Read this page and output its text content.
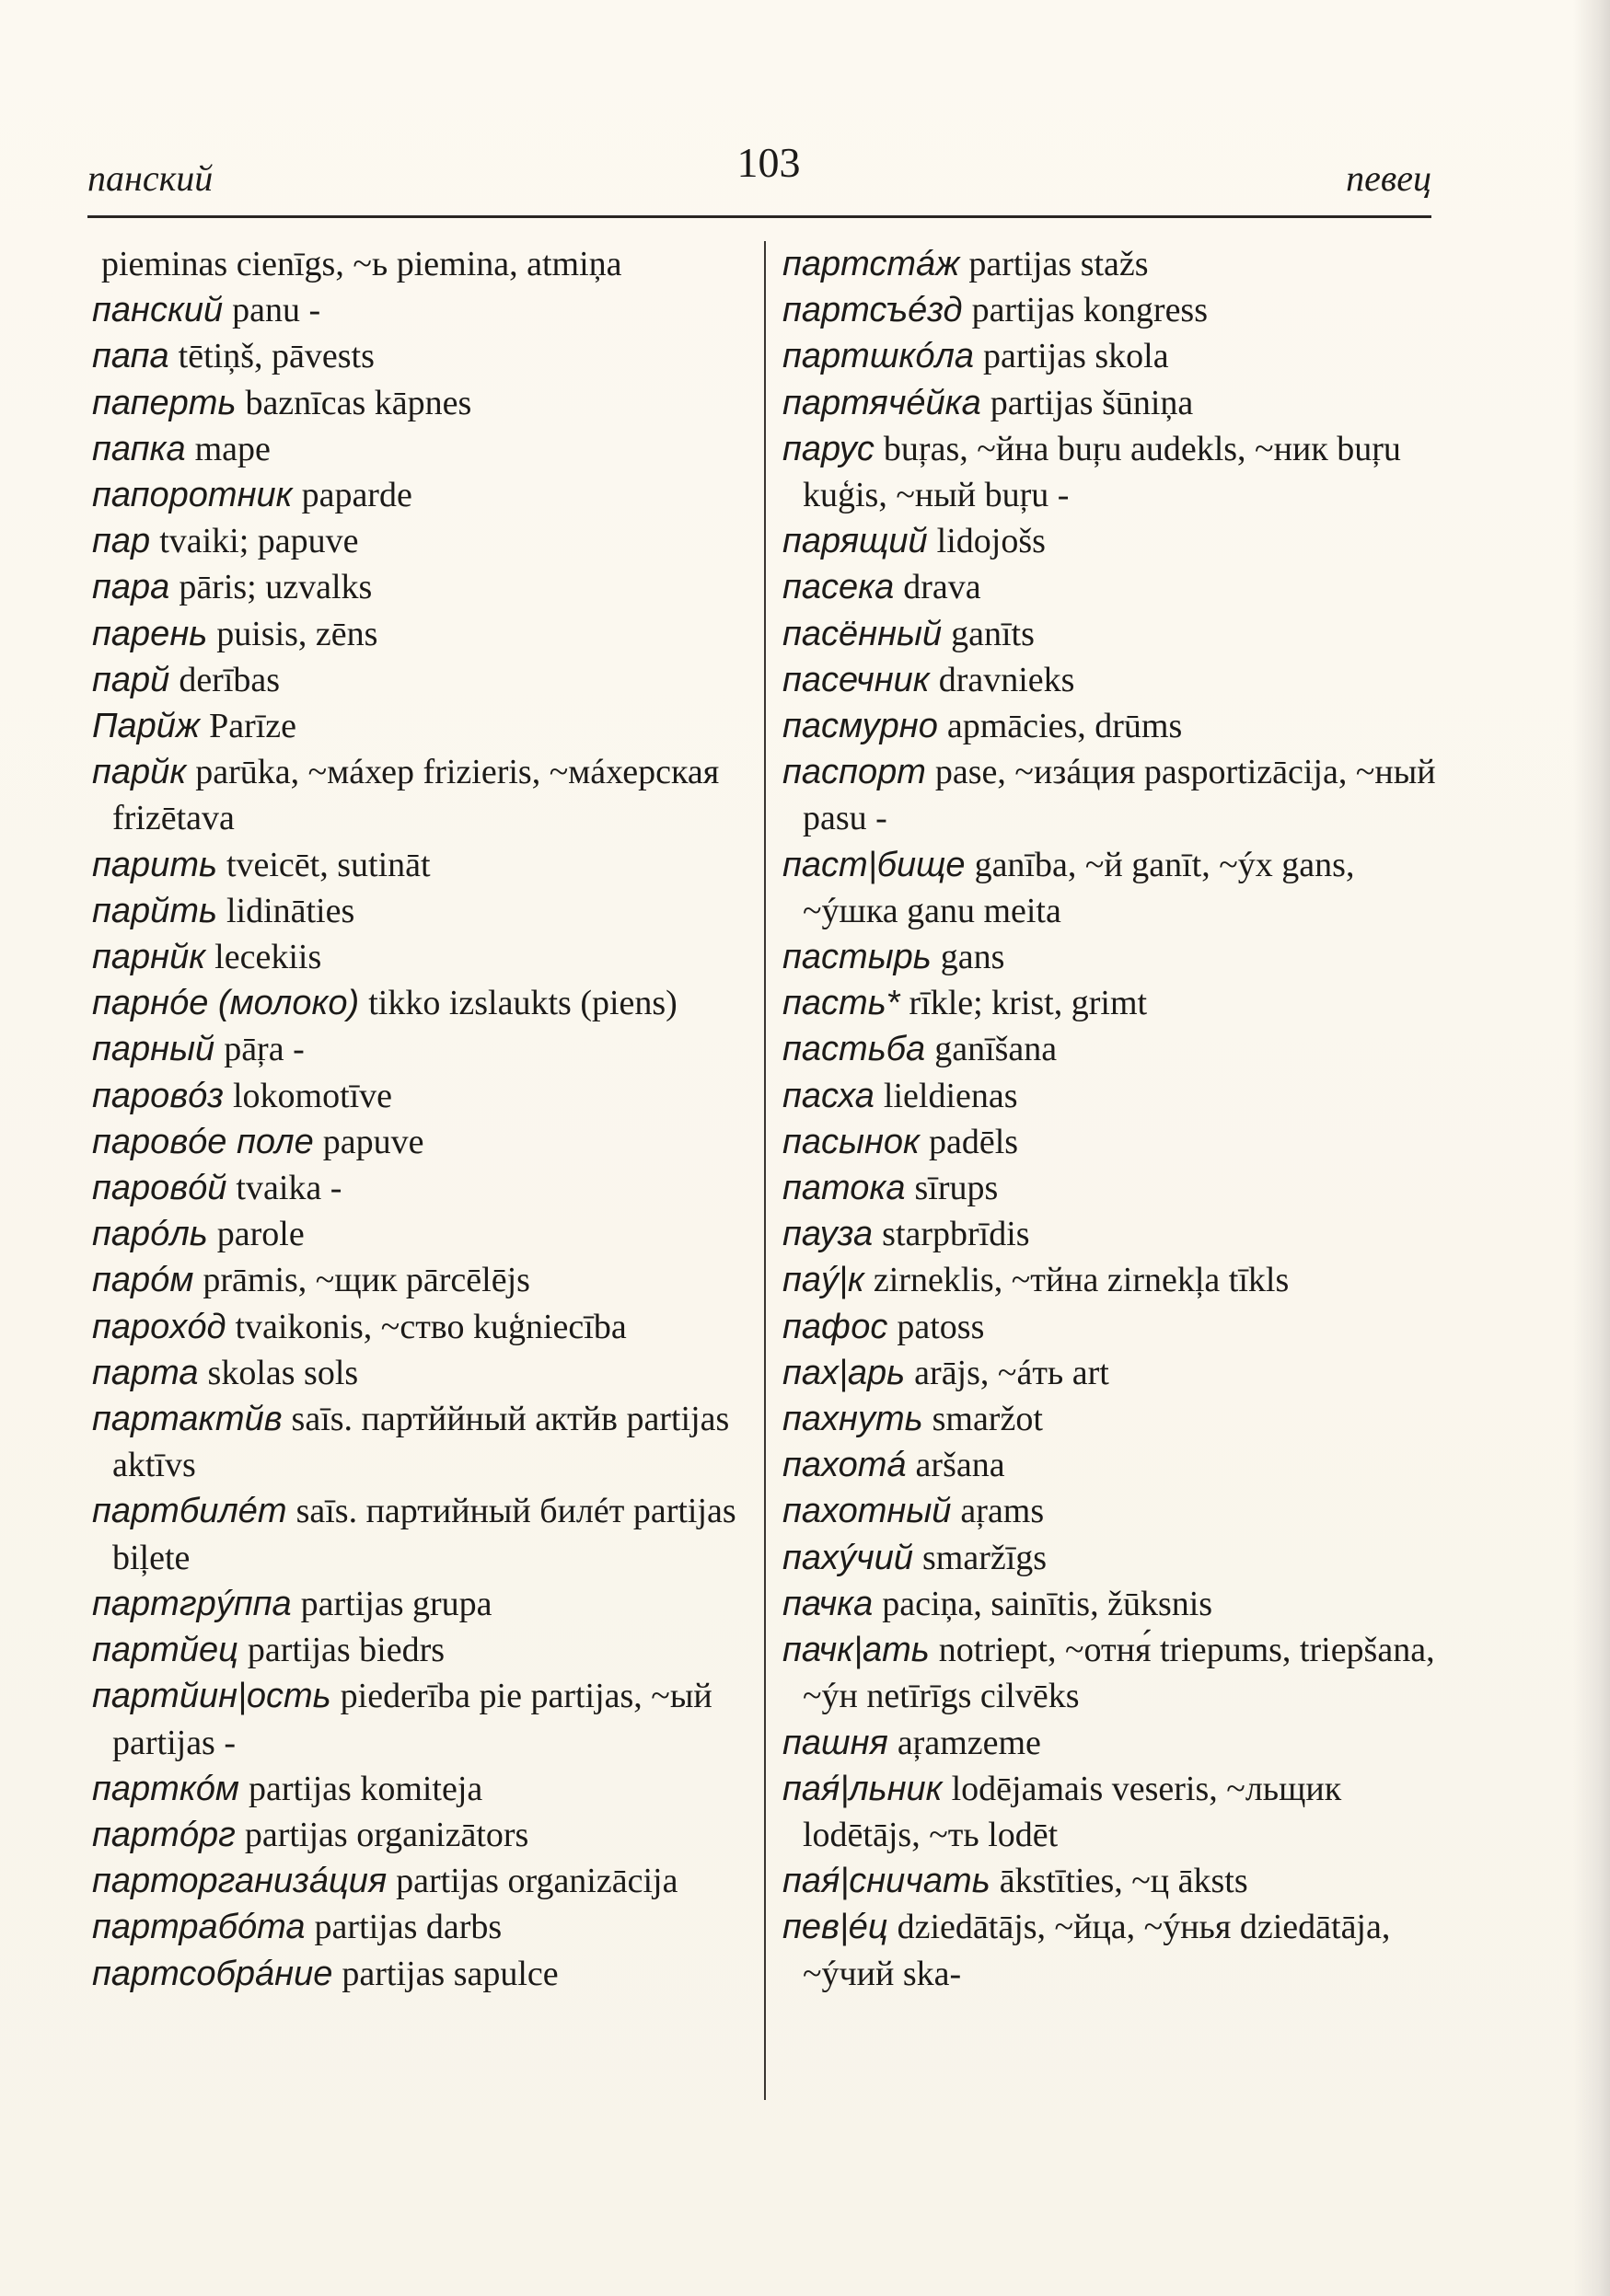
панский	103	певец

pieminas cienīgs, ~ь piemina, atmiņa

панский panu -

папа tētiņš, pāvests

паперть baznīcas kāpnes

папка mape

папоротник paparde

пар tvaiki; papuve

пара pāris; uzvalks

парень puisis, zēns

парй derības

Парйж Parīze

парйк parūka, ~мáхер frizieris, ~мáхерская frizētava

парить tveicēt, sutināt

парйть lidināties

парнйк lecekiis

парнóе (молоко) tikko izslaukts (piens)

парный pāŗa -

паровóз lokomotīve

паровóе поле papuve

паровóй tvaika -

парóль parole

парóм prāmis, ~щик pārcēlējs

пароxóд tvaikonis, ~ство kuģniecība

парта skolas sols

партактйв saīs. партййный актйв partijas aktīvs

партбилéт saīs. партийный билéт partijas biļete

партгрýппа partijas grupa

партйец partijas biedrs

партйин|ость piederība pie partijas, ~ый partijas -

парткóм partijas komiteja

партóрг partijas organizātors

парторганизáция partijas organizācija

партрабóта partijas darbs

партсобрáние partijas sapulce

партстáж partijas stažs

партсъéзд partijas kongress

партшкóла partijas skola

партячéйка partijas šūniņa

парус buŗas, ~йна buŗu audekls, ~ник buŗu kuģis, ~ный buŗu -

парящий lidojošs

пасека drava

пасённый ganīts

пасечник dravnieks

пасмурно apmācies, drūms

паспорт pase, ~изáция pasportizācija, ~ный pasu -

паст|бище ganība, ~й ganīt, ~ýх gans, ~ýшка ganu meita

пастырь gans

пасть* rīkle; krist, grimt

пастьба ganīšana

пасха lieldienas

пасынок padēls

патока sīrups

пауза starpbrīdis

паý|к zirneklis, ~тйна zirnekļa tīkls

пафос patoss

пах|арь arājs, ~áть art

пахнуть smaržot

пахотá aršana

пахотный aŗams

пахýчий smaržīgs

пачка paciņa, sainītis, žūksnis

пачк|ать notriept, ~отня́ triepums, triepšana, ~ýн netīrīgs cilvēks

пашня aŗamzeme

пая́|льник lodējamais veseris, ~льщик lodētājs, ~ть lodēt

пая́|сничать ākstīties, ~ц āksts

пев|éц dziedātājs, ~йца, ~ýнья dziedātāja, ~ýчий ska-
